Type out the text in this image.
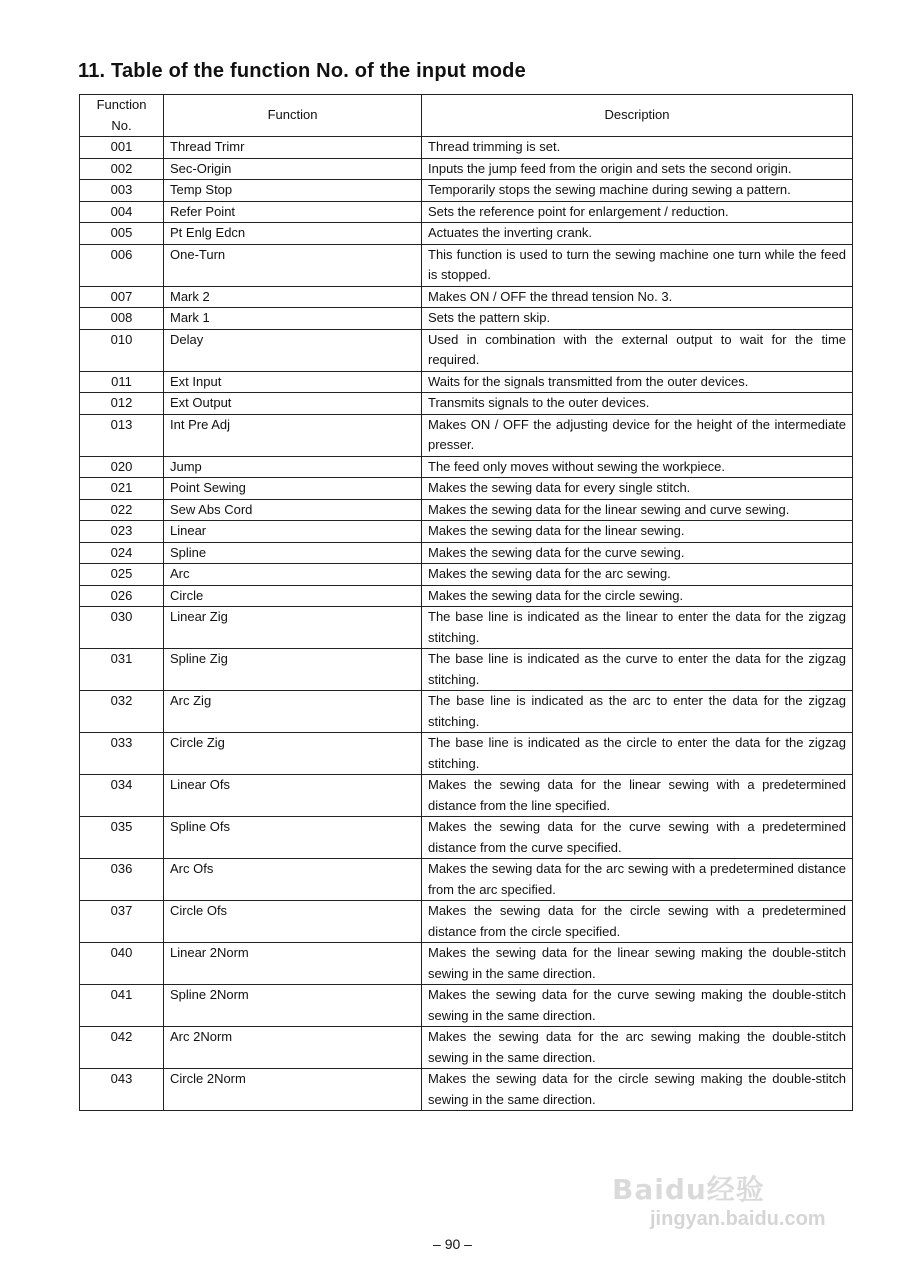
11. Table of the function No. of the input mode
Function No.	Function	Description
001	Thread Trimr	Thread trimming is set.
002	Sec-Origin	Inputs the jump feed from the origin and sets the second origin.
003	Temp Stop	Temporarily stops the sewing machine during sewing a pattern.
004	Refer Point	Sets the reference point for enlargement / reduction.
005	Pt Enlg Edcn	Actuates the inverting crank.
006	One-Turn	This function is used to turn the sewing machine one turn while the feed is stopped.
007	Mark 2	Makes ON / OFF the thread tension No. 3.
008	Mark 1	Sets the pattern skip.
010	Delay	Used in combination with the external output to wait for the time required.
011	Ext Input	Waits for the signals transmitted from the outer devices.
012	Ext Output	Transmits signals to the outer devices.
013	Int Pre Adj	Makes ON / OFF the adjusting device for the height of the intermediate presser.
020	Jump	The feed only moves without sewing the workpiece.
021	Point Sewing	Makes the sewing data for every single stitch.
022	Sew Abs Cord	Makes the sewing data for the linear sewing and curve sewing.
023	Linear	Makes the sewing data for the linear sewing.
024	Spline	Makes the sewing data for the curve sewing.
025	Arc	Makes the sewing data for the arc sewing.
026	Circle	Makes the sewing data for the circle sewing.
030	Linear Zig	The base line is indicated as the linear to enter the data for the zigzag stitching.
031	Spline Zig	The base line is indicated as the curve to enter the data for the zigzag stitching.
032	Arc Zig	The base line is indicated as the arc to enter the data for the zigzag stitching.
033	Circle Zig	The base line is indicated as the circle to enter the data for the zigzag stitching.
034	Linear Ofs	Makes the sewing data for the linear sewing with a predetermined distance from the line specified.
035	Spline Ofs	Makes the sewing data for the curve sewing with a predetermined distance from the curve specified.
036	Arc Ofs	Makes the sewing data for the arc sewing with a predetermined distance from the arc specified.
037	Circle Ofs	Makes the sewing data for the circle sewing with a predetermined distance from the circle specified.
040	Linear 2Norm	Makes the sewing data for the linear sewing making the double-stitch sewing in the same direction.
041	Spline 2Norm	Makes the sewing data for the curve sewing making the double-stitch sewing in the same direction.
042	Arc 2Norm	Makes the sewing data for the arc sewing making the double-stitch sewing in the same direction.
043	Circle 2Norm	Makes the sewing data for the circle sewing making the double-stitch sewing in the same direction.
– 90 –
Baidu经验
jingyan.baidu.com
